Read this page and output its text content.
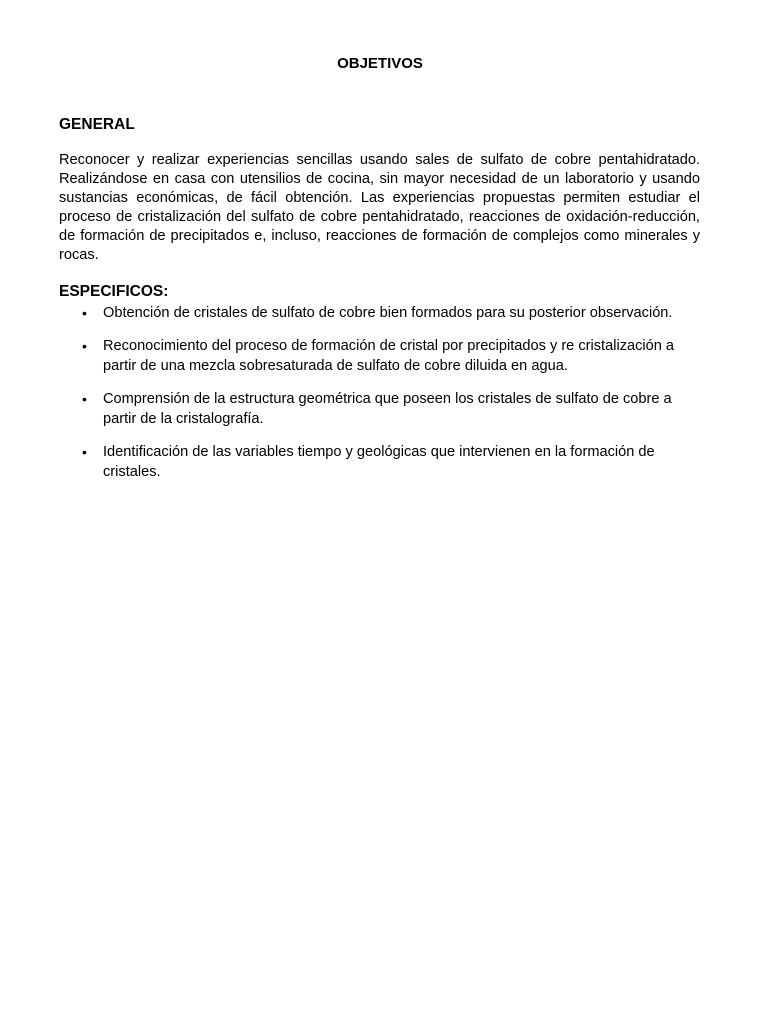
OBJETIVOS
GENERAL

Reconocer y realizar experiencias sencillas usando sales de sulfato de cobre pentahidratado. Realizándose en casa con utensilios de cocina, sin mayor necesidad de un laboratorio y usando sustancias económicas, de fácil obtención. Las experiencias propuestas permiten estudiar el proceso de cristalización del sulfato de cobre pentahidratado, reacciones de oxidación-reducción, de formación de precipitados e, incluso, reacciones de formación de complejos como minerales y rocas.

ESPECIFICOS:
• Obtención de cristales de sulfato de cobre bien formados para su posterior observación.
• Reconocimiento del proceso de formación de cristal por precipitados y re cristalización a partir de una mezcla sobresaturada de sulfato de cobre diluida en agua.
• Comprensión de la estructura geométrica que poseen los cristales de sulfato de cobre a partir de la cristalografía.
• Identificación de las variables tiempo y geológicas que intervienen en la formación de cristales.
